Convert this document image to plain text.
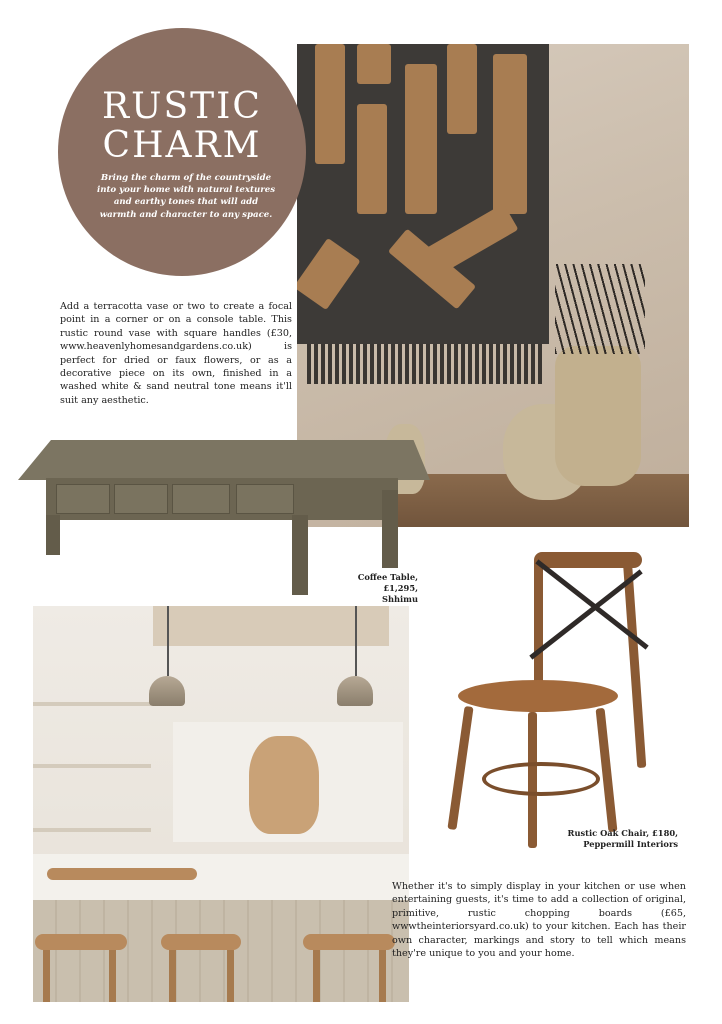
RUSTIC
CHARM
Bring the charm of the countryside into your home with natural textures and earthy tones that will add warmth and character to any space.
Add a terracotta vase or two to create a focal point in a corner or on a console table. This rustic round vase with square handles (£30, www.heavenlyhomesandgardens.co.uk) is perfect for dried or faux flowers, or as a decorative piece on its own, finished in a washed white & sand neutral tone means it'll suit any aesthetic.
Coffee Table, £1,295,
Shhimu
Rustic Oak Chair, £180,
Peppermill Interiors
Whether it's to simply display in your kitchen or use when entertaining guests, it's time to add a collection of original, primitive, rustic chopping boards (£65, wwwtheinteriorsyard.co.uk) to your kitchen. Each has their own character, markings and story to tell which means they're unique to you and your home.
